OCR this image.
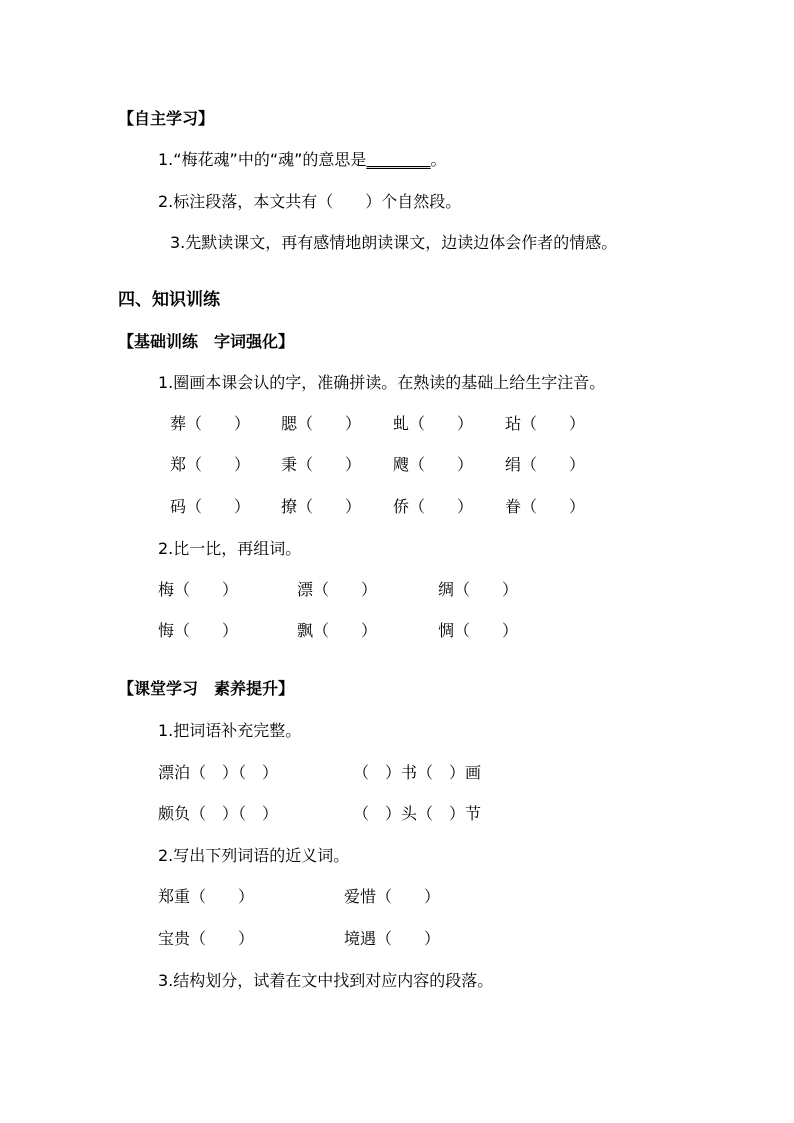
【自主学习】
1.“梅花魂”中的“魂”的意思是________。
2.标注段落，本文共有（　　）个自然段。
3.先默读课文，再有感情地朗读课文，边读边体会作者的情感。
四、知识训练
【基础训练　字词强化】
1.圈画本课会认的字，准确拼读。在熟读的基础上给生字注音。
葬（　　） 腮（　　） 虬（　　） 玷（　　）
郑（　　） 秉（　　） 飕（　　） 绢（　　）
码（　　） 撩（　　） 侨（　　） 眷（　　）
2.比一比，再组词。
梅（　　）	漂（　　）	绸（　　）
悔（　　）	飘（　　）	惆（　　）
【课堂学习　素养提升】
1.把词语补充完整。
漂泊（　）（　）	（　）书（　）画
颇负（　）（　）	（　）头（　）节
2.写出下列词语的近义词。
郑重（　　）	爱惜（　　）
宝贵（　　）	境遇（　　）
3.结构划分，试着在文中找到对应内容的段落。
